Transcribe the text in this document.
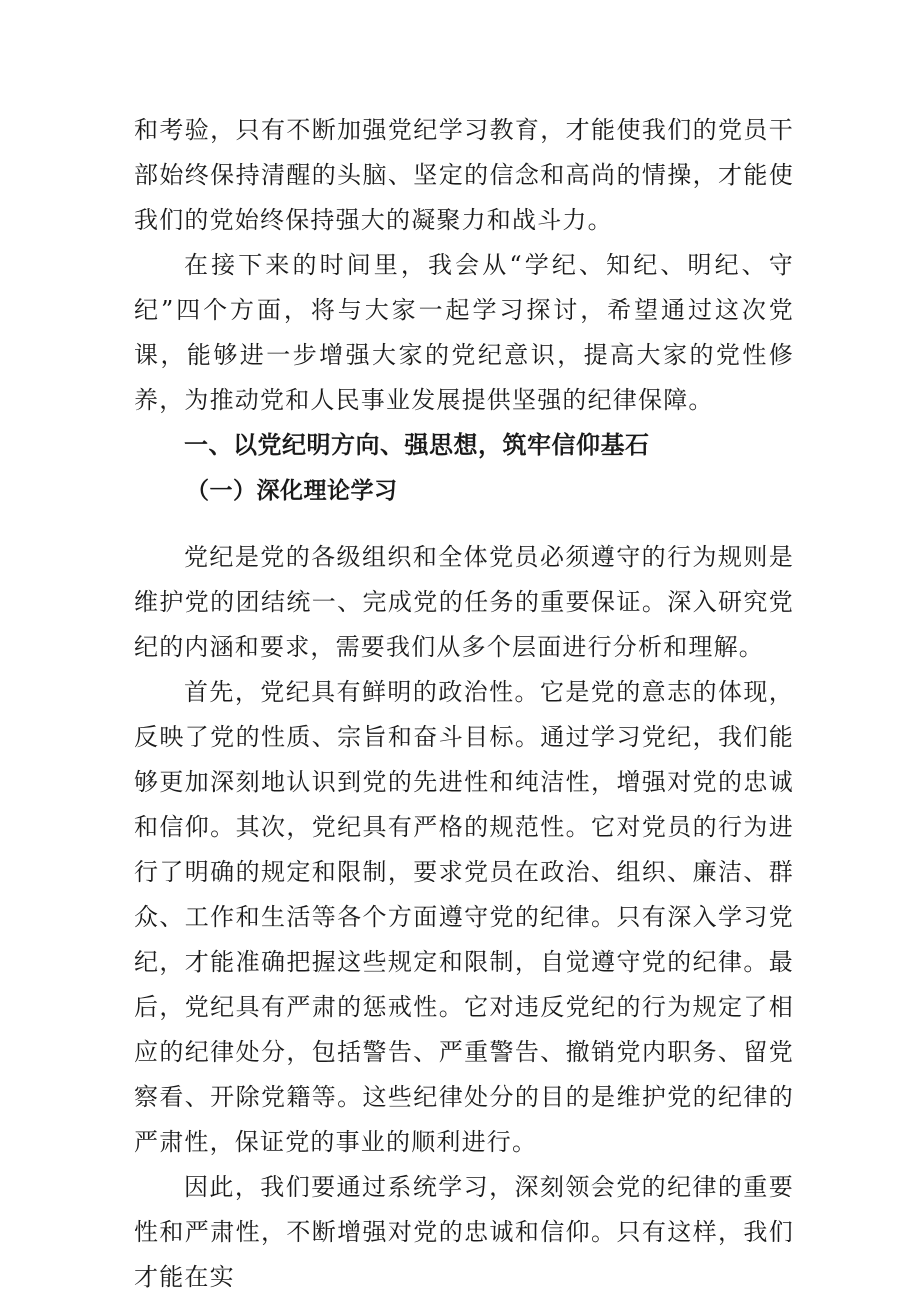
和考验，只有不断加强党纪学习教育，才能使我们的党员干部始终保持清醒的头脑、坚定的信念和高尚的情操，才能使我们的党始终保持强大的凝聚力和战斗力。

在接下来的时间里，我会从“学纪、知纪、明纪、守纪”四个方面，将与大家一起学习探讨，希望通过这次党课，能够进一步增强大家的党纪意识，提高大家的党性修养，为推动党和人民事业发展提供坚强的纪律保障。

一、以党纪明方向、强思想，筑牢信仰基石
（一）深化理论学习

党纪是党的各级组织和全体党员必须遵守的行为规则是维护党的团结统一、完成党的任务的重要保证。深入研究党纪的内涵和要求，需要我们从多个层面进行分析和理解。

首先，党纪具有鲜明的政治性。它是党的意志的体现，反映了党的性质、宗旨和奋斗目标。通过学习党纪，我们能够更加深刻地认识到党的先进性和纯洁性，增强对党的忠诚和信仰。其次，党纪具有严格的规范性。它对党员的行为进行了明确的规定和限制，要求党员在政治、组织、廉洁、群众、工作和生活等各个方面遵守党的纪律。只有深入学习党纪，才能准确把握这些规定和限制，自觉遵守党的纪律。最后，党纪具有严肃的惩戒性。它对违反党纪的行为规定了相应的纪律处分，包括警告、严重警告、撤销党内职务、留党察看、开除党籍等。这些纪律处分的目的是维护党的纪律的严肃性，保证党的事业的顺利进行。

因此，我们要通过系统学习，深刻领会党的纪律的重要性和严肃性，不断增强对党的忠诚和信仰。只有这样，我们才能在实
